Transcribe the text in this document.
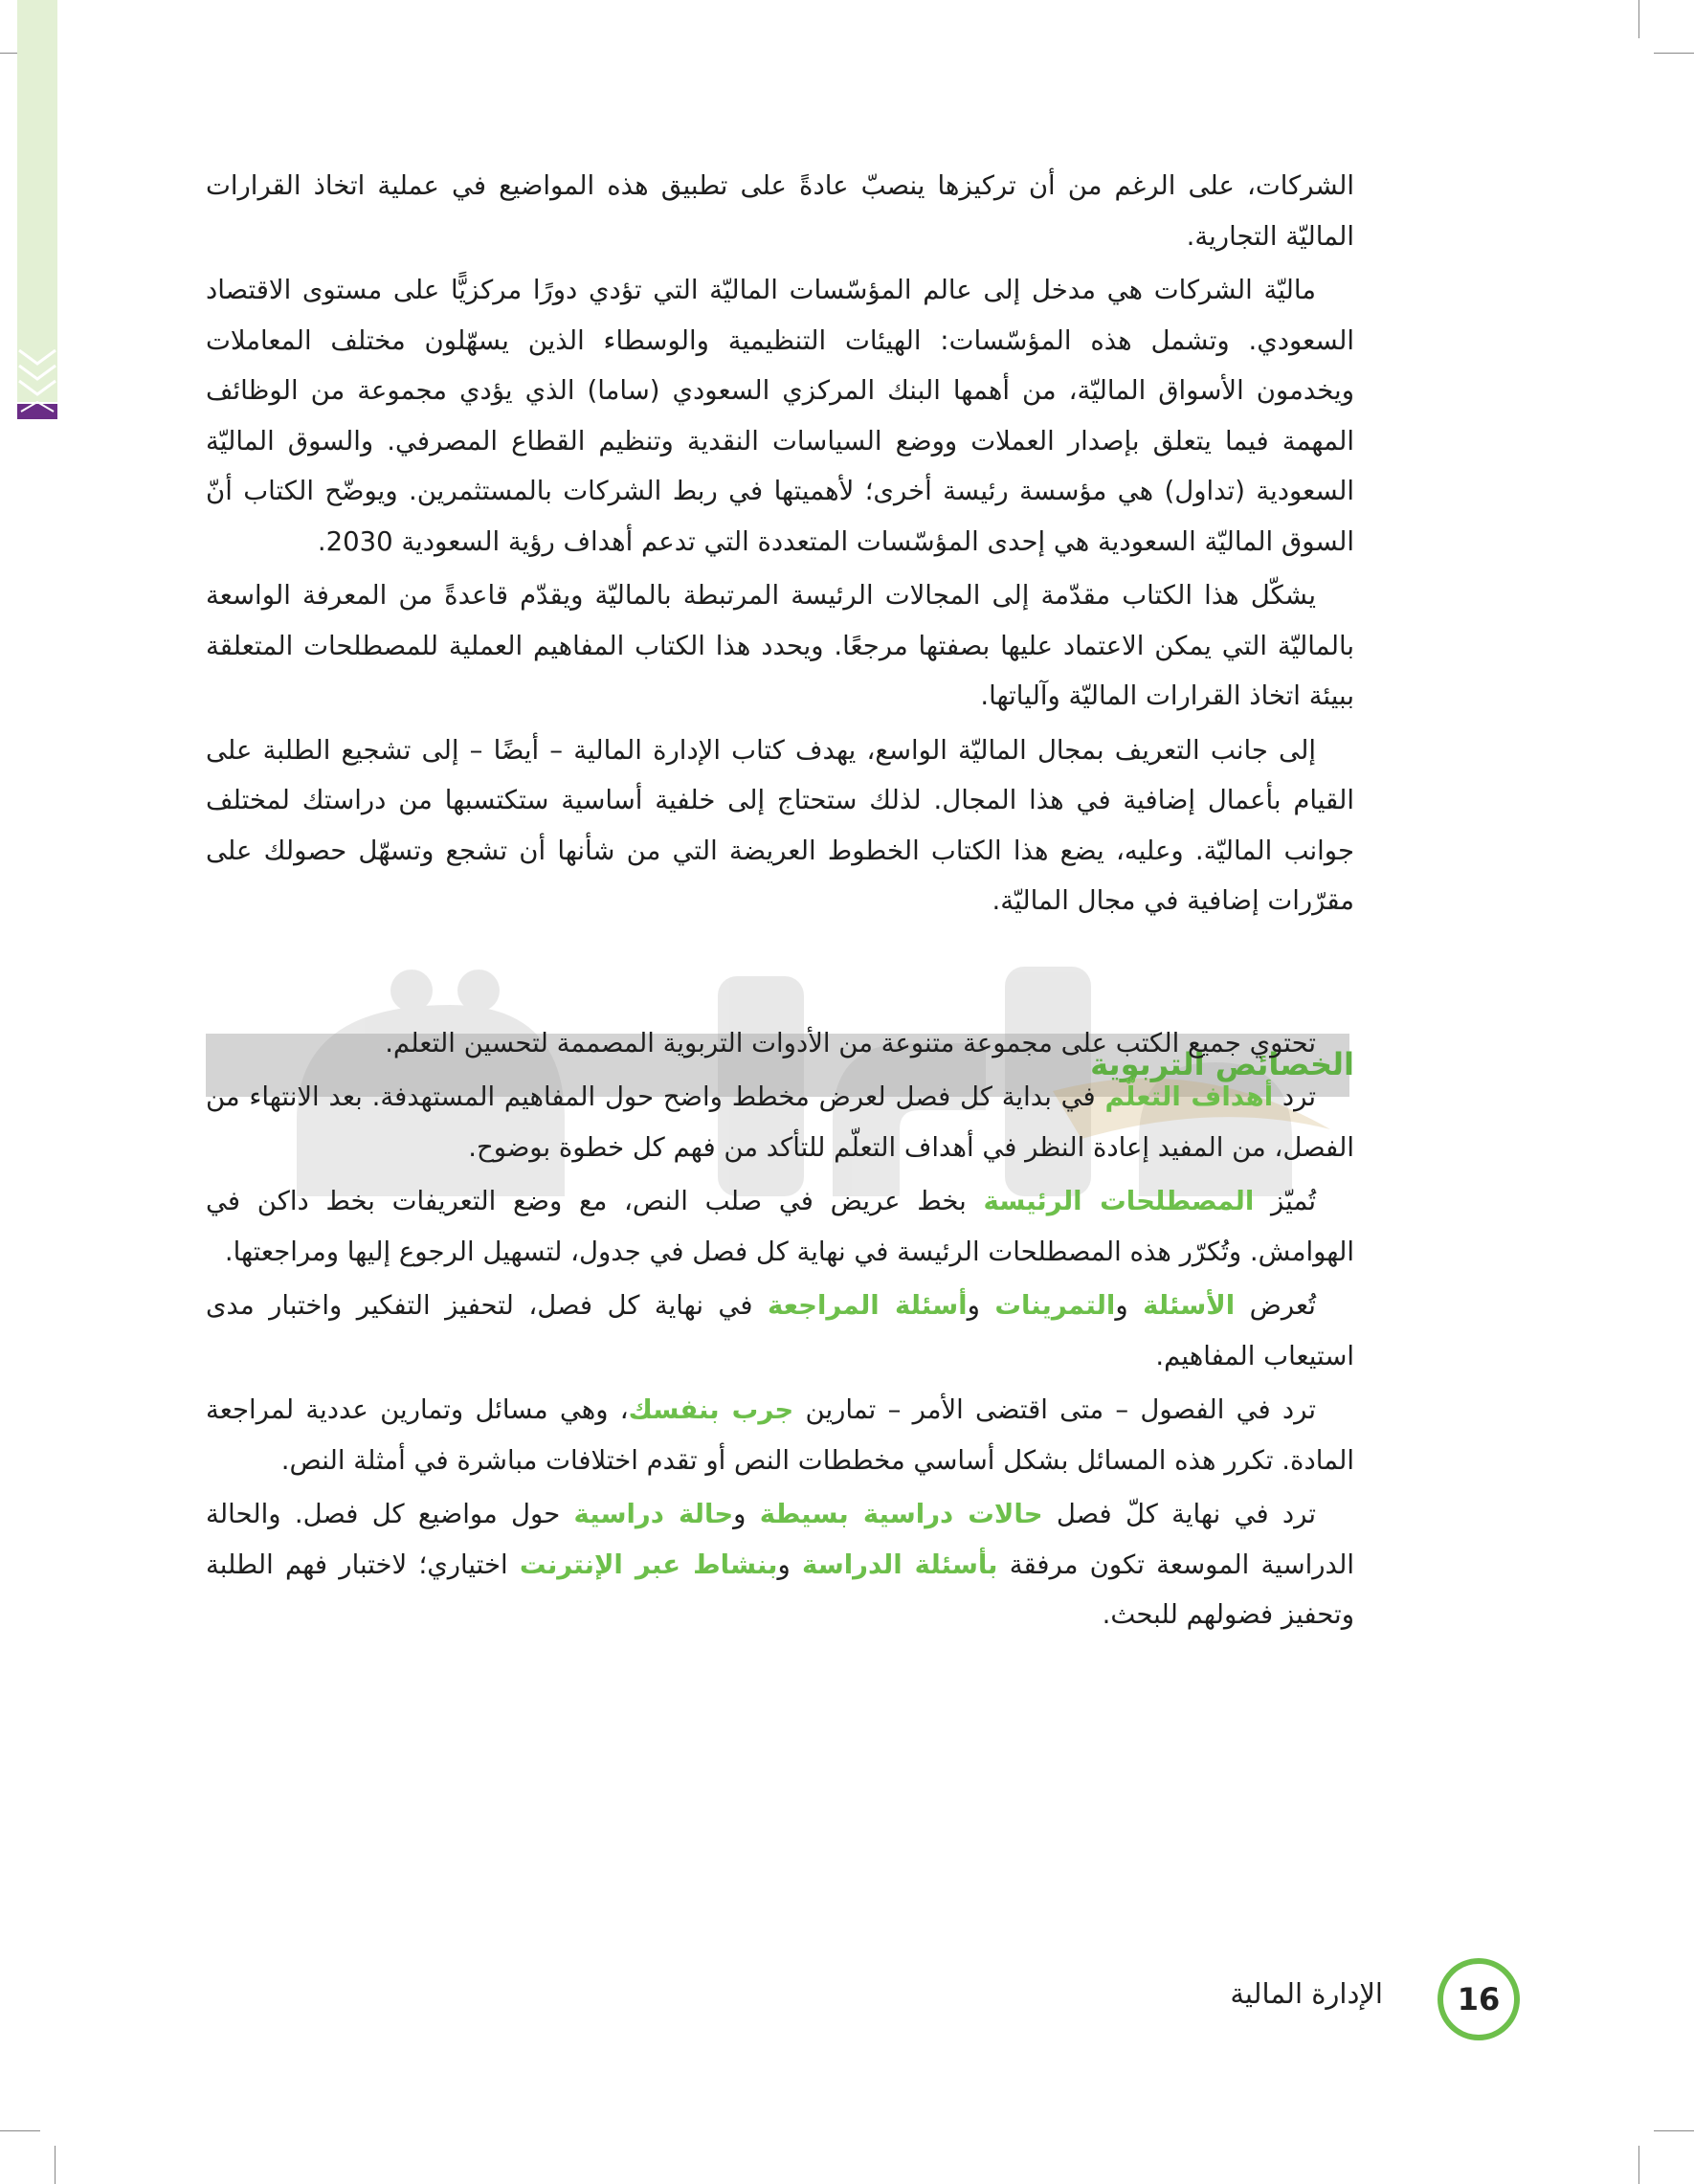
الخصائص التربوية

الشركات، على الرغم من أن تركيزها ينصبّ عادةً على تطبيق هذه المواضيع في عملية اتخاذ القرارات الماليّة التجارية.

ماليّة الشركات هي مدخل إلى عالم المؤسّسات الماليّة التي تؤدي دورًا مركزيًّا على مستوى الاقتصاد السعودي. وتشمل هذه المؤسّسات: الهيئات التنظيمية والوسطاء الذين يسهّلون مختلف المعاملات ويخدمون الأسواق الماليّة، من أهمها البنك المركزي السعودي (ساما) الذي يؤدي مجموعة من الوظائف المهمة فيما يتعلق بإصدار العملات ووضع السياسات النقدية وتنظيم القطاع المصرفي. والسوق الماليّة السعودية (تداول) هي مؤسسة رئيسة أخرى؛ لأهميتها في ربط الشركات بالمستثمرين. ويوضّح الكتاب أنّ السوق الماليّة السعودية هي إحدى المؤسّسات المتعددة التي تدعم أهداف رؤية السعودية 2030.

يشكّل هذا الكتاب مقدّمة إلى المجالات الرئيسة المرتبطة بالماليّة ويقدّم قاعدةً من المعرفة الواسعة بالماليّة التي يمكن الاعتماد عليها بصفتها مرجعًا. ويحدد هذا الكتاب المفاهيم العملية للمصطلحات المتعلقة ببيئة اتخاذ القرارات الماليّة وآلياتها.

إلى جانب التعريف بمجال الماليّة الواسع، يهدف كتاب الإدارة المالية – أيضًا – إلى تشجيع الطلبة على القيام بأعمال إضافية في هذا المجال. لذلك ستحتاج إلى خلفية أساسية ستكتسبها من دراستك لمختلف جوانب الماليّة. وعليه، يضع هذا الكتاب الخطوط العريضة التي من شأنها أن تشجع وتسهّل حصولك على مقرّرات إضافية في مجال الماليّة.

تحتوي جميع الكتب على مجموعة متنوعة من الأدوات التربوية المصممة لتحسين التعلم.

ترد أهداف التعلّم في بداية كل فصل لعرض مخطط واضح حول المفاهيم المستهدفة. بعد الانتهاء من الفصل، من المفيد إعادة النظر في أهداف التعلّم للتأكد من فهم كل خطوة بوضوح.

تُميّز المصطلحات الرئيسة بخط عريض في صلب النص، مع وضع التعريفات بخط داكن في الهوامش. وتُكرّر هذه المصطلحات الرئيسة في نهاية كل فصل في جدول، لتسهيل الرجوع إليها ومراجعتها.

تُعرض الأسئلة والتمرينات وأسئلة المراجعة في نهاية كل فصل، لتحفيز التفكير واختبار مدى استيعاب المفاهيم.

ترد في الفصول – متى اقتضى الأمر – تمارين جرب بنفسك، وهي مسائل وتمارين عددية لمراجعة المادة. تكرر هذه المسائل بشكل أساسي مخططات النص أو تقدم اختلافات مباشرة في أمثلة النص.

ترد في نهاية كلّ فصل حالات دراسية بسيطة وحالة دراسية حول مواضيع كل فصل. والحالة الدراسية الموسعة تكون مرفقة بأسئلة الدراسة وبنشاط عبر الإنترنت اختياري؛ لاختبار فهم الطلبة وتحفيز فضولهم للبحث.

الإدارة المالية 16
